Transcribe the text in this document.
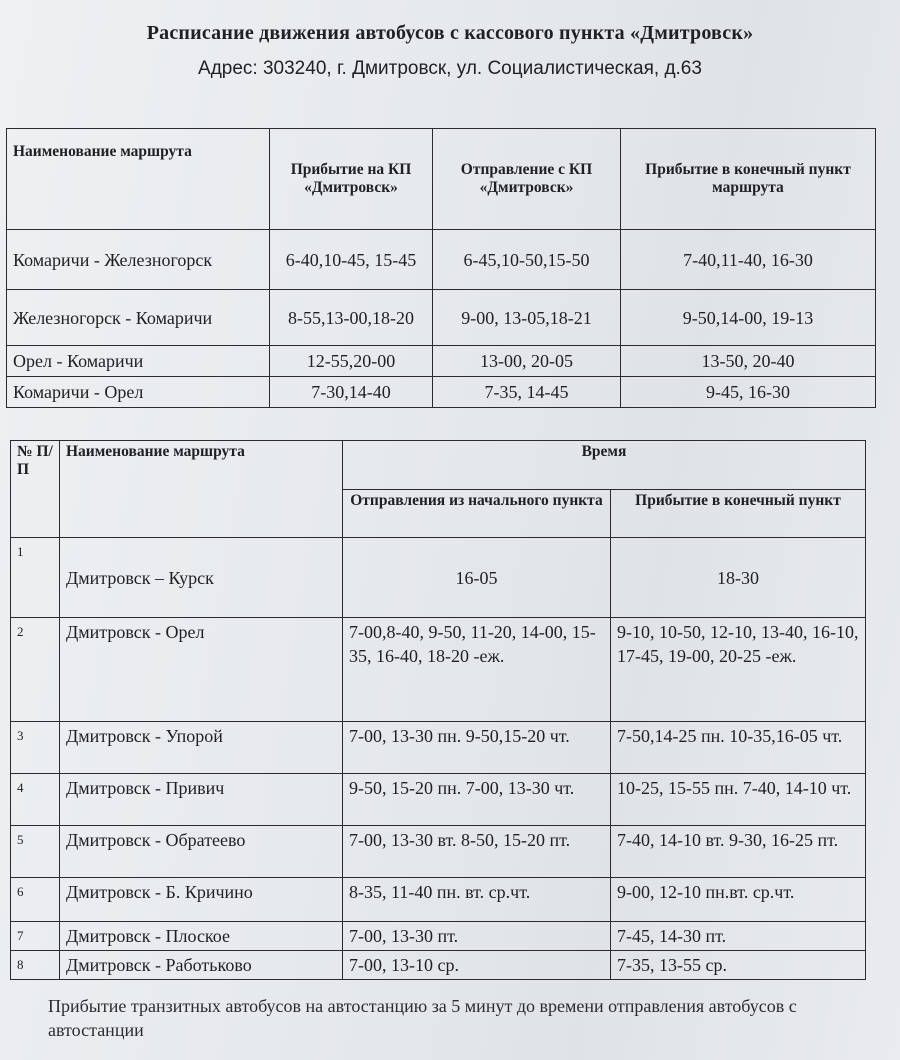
Расписание движения автобусов с кассового пункта «Дмитровск»
Адрес: 303240, г. Дмитровск, ул. Социалистическая, д.63
Наименование маршрута	Прибытие на КП «Дмитровск»	Отправление с КП «Дмитровск»	Прибытие в конечный пункт маршрута
Комаричи - Железногорск	6-40,10-45, 15-45	6-45,10-50,15-50	7-40,11-40, 16-30
Железногорск - Комаричи	8-55,13-00,18-20	9-00, 13-05,18-21	9-50,14-00, 19-13
Орел - Комаричи	12-55,20-00	13-00, 20-05	13-50, 20-40
Комаричи - Орел	7-30,14-40	7-35, 14-45	9-45, 16-30
№ П/П	Наименование маршрута	Время	
		Отправления из начального пункта	Прибытие в конечный пункт
1	Дмитровск – Курск	16-05	18-30
2	Дмитровск - Орел	7-00,8-40, 9-50, 11-20, 14-00, 15-35, 16-40, 18-20 -еж.	9-10, 10-50, 12-10, 13-40, 16-10, 17-45, 19-00, 20-25 -еж.
3	Дмитровск - Упорой	7-00, 13-30 пн. 9-50,15-20 чт.	7-50,14-25 пн. 10-35,16-05 чт.
4	Дмитровск - Привич	9-50, 15-20 пн. 7-00, 13-30 чт.	10-25, 15-55 пн. 7-40, 14-10 чт.
5	Дмитровск - Обратеево	7-00, 13-30 вт. 8-50, 15-20 пт.	7-40, 14-10 вт. 9-30, 16-25 пт.
6	Дмитровск - Б. Кричино	8-35, 11-40 пн. вт. ср.чт.	9-00, 12-10 пн.вт. ср.чт.
7	Дмитровск - Плоское	7-00, 13-30 пт.	7-45, 14-30 пт.
8	Дмитровск - Работьково	7-00, 13-10 ср.	7-35, 13-55 ср.
Прибытие транзитных автобусов на автостанцию за 5 минут до времени отправления автобусов с автостанции
